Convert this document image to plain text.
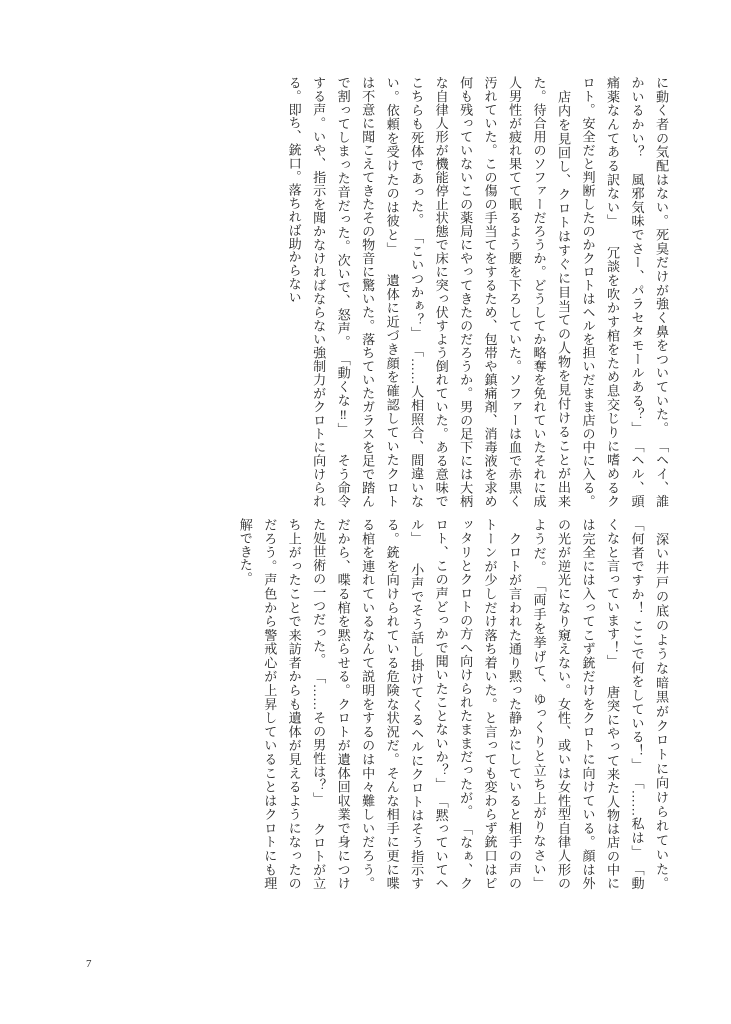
に動く者の気配はない。死臭だけが強く鼻をついていた。 「ヘイ、誰かいるかい？　風邪気味でさー、パラセタモールある？」 「ヘル、頭痛薬なんてある訳ない」 　冗談を吹かす棺をため息交じりに嗜めるクロト。安全だと判断したのかクロトはヘルを担いだまま店の中に入る。 　店内を見回し、クロトはすぐに目当ての人物を見付けることが出来た。待合用のソファーだろうか。どうしてか略奪を免れていたそれに成人男性が疲れ果てて眠るよう腰を下ろしていた。ソファーは血で赤黒く汚れていた。この傷の手当てをするため、包帯や鎮痛剤、消毒液を求め何も残っていないこの薬局にやってきたのだろうか。男の足下には大柄な自律人形が機能停止状態で床に突っ伏すよう倒れていた。ある意味でこちらも死体であった。 「こいつかぁ？」 「……人相照合、間違いない。依頼を受けたのは彼と」 　遺体に近づき顔を確認していたクロトは不意に聞こえてきたその物音に驚いた。落ちていたガラスを足で踏んで割ってしまった音だった。次いで、怒声。 「動くな‼」 　そう命令する声。いや、指示を聞かなければならない強制力がクロトに向けられる。即ち、銃口。落ちれば助からない

　深い井戸の底のような暗黒がクロトに向けられていた。 「何者ですか！ ここで何をしている！」 「……私は」 「動くなと言っています！」 　唐突にやって来た人物は店の中には完全には入ってこず銃だけをクロトに向けている。顔は外の光が逆光になり窺えない。女性、或いは女性型自律人形のようだ。 「両手を挙げて、ゆっくりと立ち上がりなさい」 　クロトが言われた通り黙った静かにしていると相手の声のトーンが少しだけ落ち着いた。と言っても変わらず銃口はピッタリとクロトの方へ向けられたままだったが。 「なぁ、クロト、この声どっかで聞いたことないか？」 「黙っていてヘル」 　小声でそう話し掛けてくるヘルにクロトはそう指示する。銃を向けられている危険な状況だ。そんな相手に更に喋る棺を連れているなんて説明をするのは中々難しいだろう。だから、喋る棺を黙らせる。クロトが遺体回収業で身につけた処世術の一つだった。 「……その男性は？」 　クロトが立ち上がったことで来訪者からも遺体が見えるようになったのだろう。声色から警戒心が上昇していることはクロトにも理解できた。

7
